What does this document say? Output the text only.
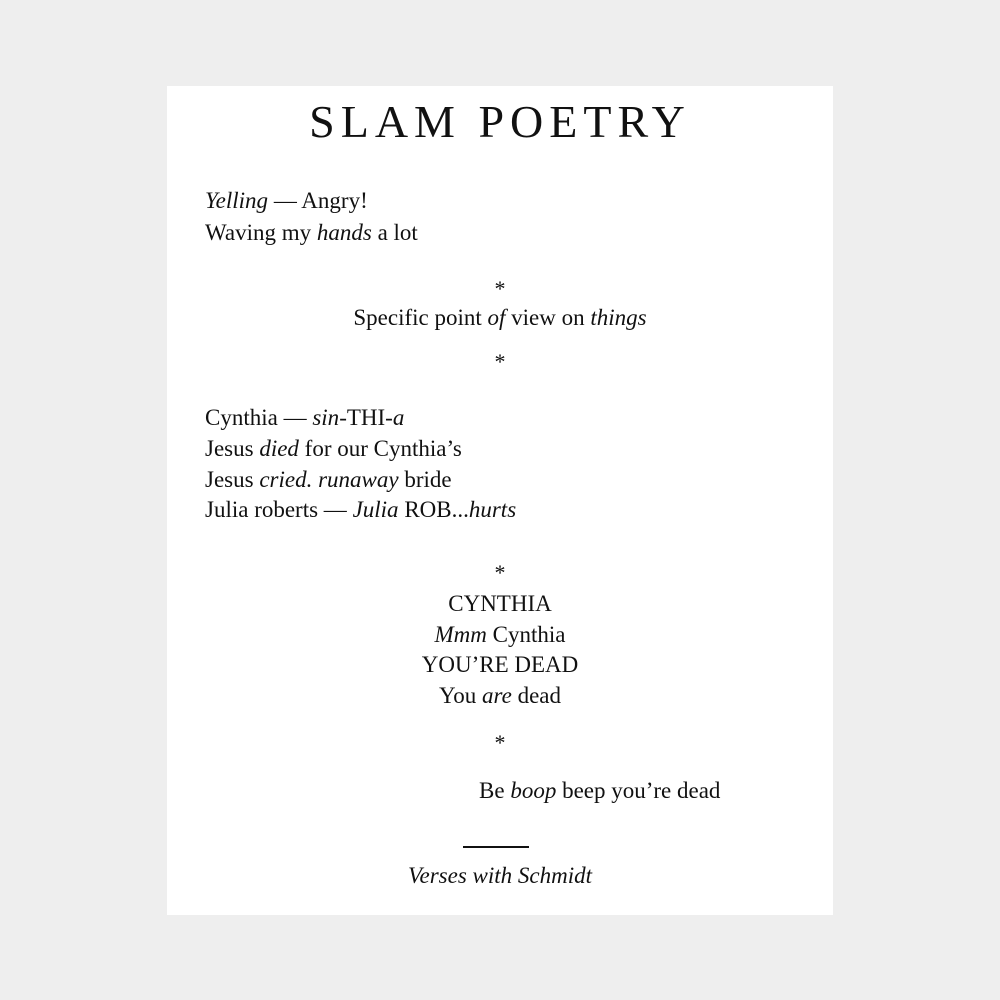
SLAM POETRY

Yelling — Angry!

Waving my hands a lot

*

Specific point of view on things

*

Cynthia — sin-THI-a

Jesus died for our Cynthia’s

Jesus cried. runaway bride

Julia roberts — Julia ROB...hurts

*

CYNTHIA

Mmm Cynthia

YOU’RE DEAD

You are dead

*

Be boop beep you’re dead

Verses with Schmidt
